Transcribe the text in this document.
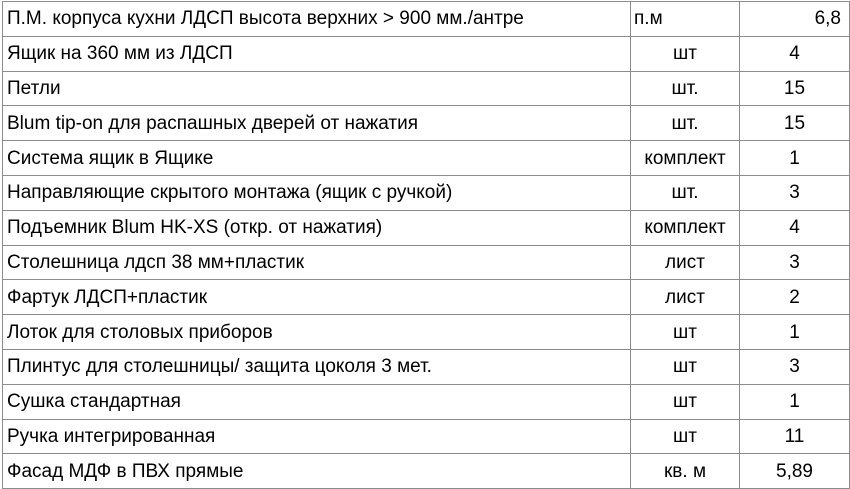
П.М. корпуса кухни ЛДСП высота верхних > 900 мм./антре	п.м	6,8
Ящик на 360 мм из ЛДСП	шт	4
Петли	шт.	15
Blum tip-on для распашных дверей от нажатия	шт.	15
Система ящик в Ящике	комплект	1
Направляющие скрытого монтажа (ящик с ручкой)	шт.	3
Подъемник Blum HK-XS (откр. от нажатия)	комплект	4
Столешница лдсп 38 мм+пластик	лист	3
Фартук ЛДСП+пластик	лист	2
Лоток для столовых приборов	шт	1
Плинтус для столешницы/ защита цоколя 3 мет.	шт	3
Сушка стандартная	шт	1
Ручка интегрированная	шт	11
Фасад МДФ в ПВХ прямые	кв. м	5,89
